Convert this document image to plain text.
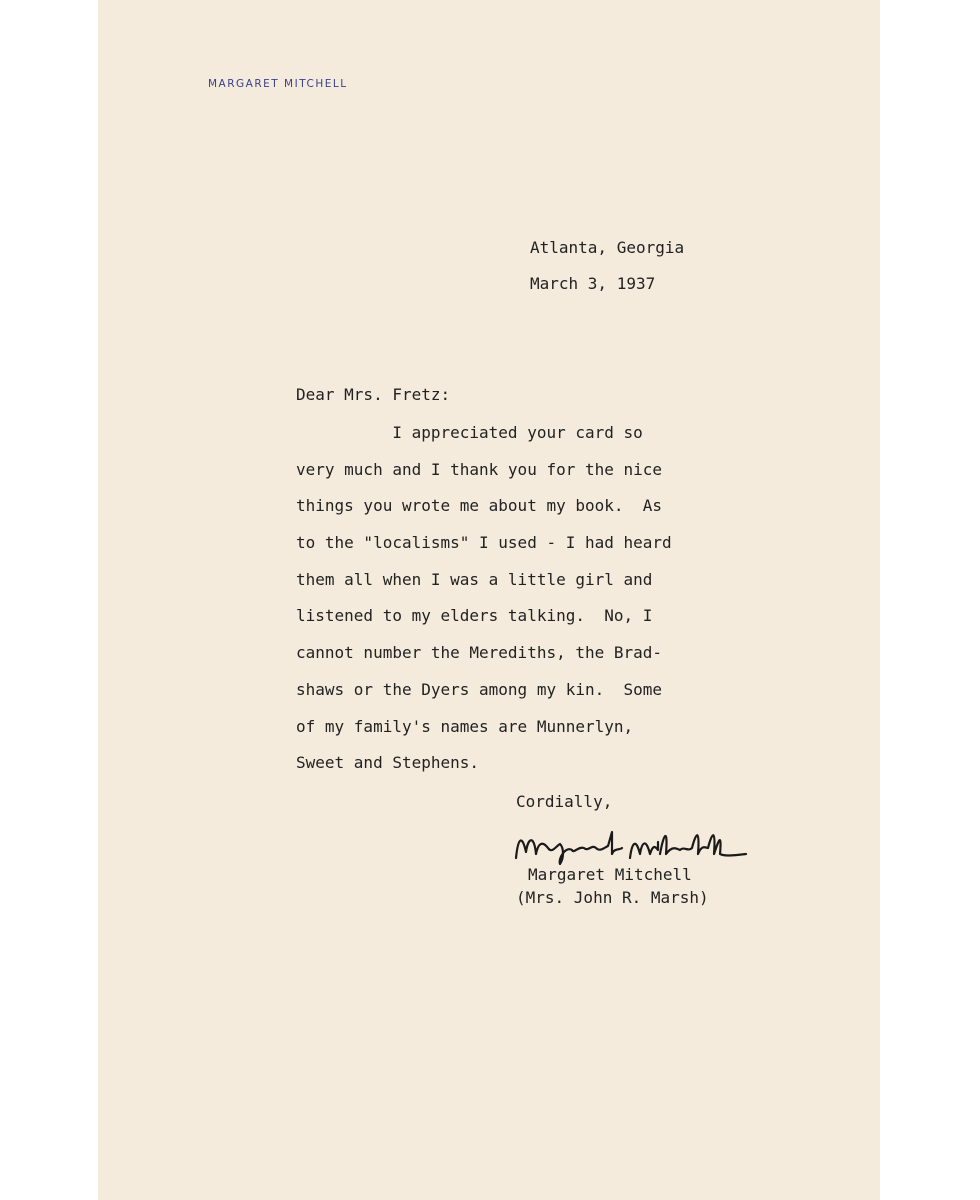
MARGARET MITCHELL
Atlanta, Georgia
March 3, 1937
Dear Mrs. Fretz:
I appreciated your card so
very much and I thank you for the nice
things you wrote me about my book.  As
to the "localisms" I used - I had heard
them all when I was a little girl and
listened to my elders talking.  No, I
cannot number the Merediths, the Brad-
shaws or the Dyers among my kin.  Some
of my family's names are Munnerlyn,
Sweet and Stephens.
Cordially,
Margaret Mitchell
(Mrs. John R. Marsh)
